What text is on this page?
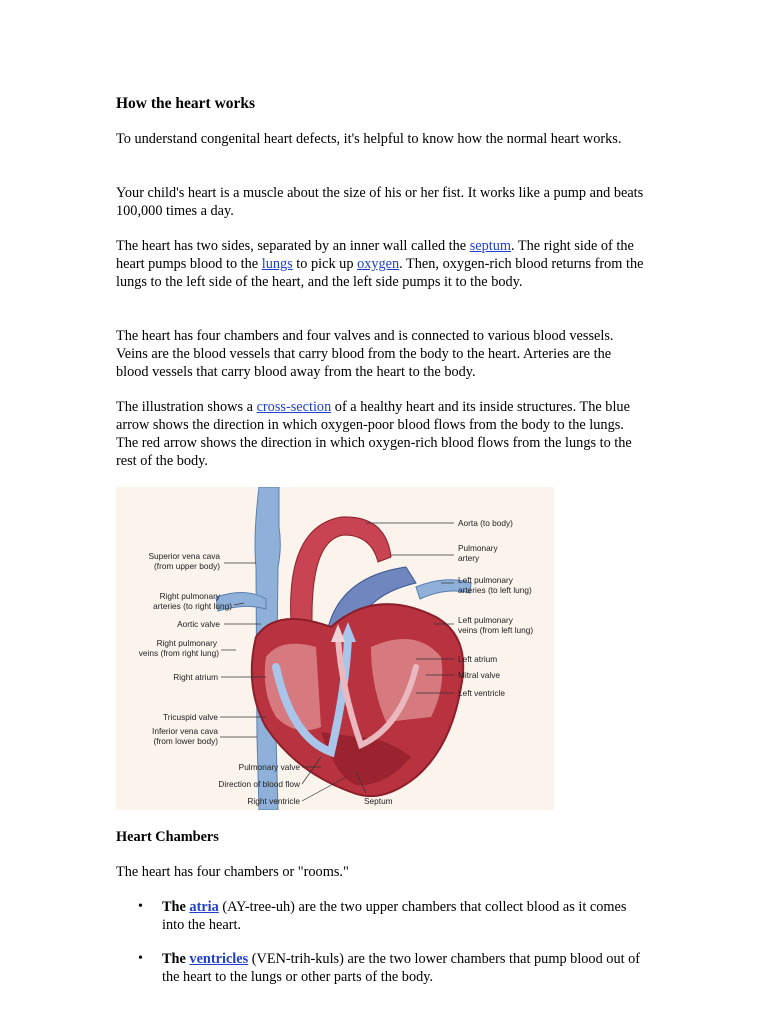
How the heart works

To understand congenital heart defects, it's helpful to know how the normal heart works.

Your child's heart is a muscle about the size of his or her fist. It works like a pump and beats 100,000 times a day.

The heart has two sides, separated by an inner wall called the septum. The right side of the heart pumps blood to the lungs to pick up oxygen. Then, oxygen-rich blood returns from the lungs to the left side of the heart, and the left side pumps it to the body.

The heart has four chambers and four valves and is connected to various blood vessels. Veins are the blood vessels that carry blood from the body to the heart. Arteries are the blood vessels that carry blood away from the heart to the body.

The illustration shows a cross-section of a healthy heart and its inside structures. The blue arrow shows the direction in which oxygen-poor blood flows from the body to the lungs. The red arrow shows the direction in which oxygen-rich blood flows from the lungs to the rest of the body.

Superior vena cava
(from upper body)
Right pulmonary
arteries (to right lung)
Aortic valve
Right pulmonary
veins (from right lung)
Right atrium
Tricuspid valve
Inferior vena cava
(from lower body)
Aorta (to body)
Pulmonary
artery
Left pulmonary
arteries (to left lung)
Left pulmonary
veins (from left lung)
Left atrium
Mitral valve
Left ventricle
Pulmonary valve
Direction of blood flow
Right ventricle	Septum
Heart Chambers

The heart has four chambers or "rooms."

• The atria (AY-tree-uh) are the two upper chambers that collect blood as it comes into the heart.
• The ventricles (VEN-trih-kuls) are the two lower chambers that pump blood out of the heart to the lungs or other parts of the body.
